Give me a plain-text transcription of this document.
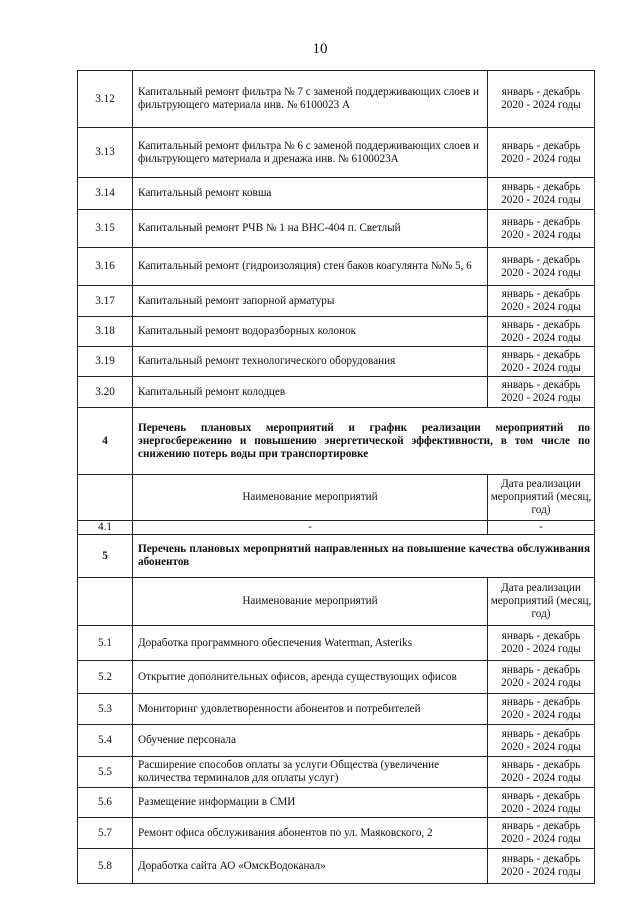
10
3.12	Капитальный ремонт фильтра № 7 с заменой поддерживающих слоев и фильтрующего материала инв. № 6100023 А	январь - декабрь
2020 - 2024 годы

3.13	Капитальный ремонт фильтра № 6 с заменой поддерживающих слоев и фильтрующего материала и дренажа инв. № 6100023А	январь - декабрь
2020 - 2024 годы

3.14	Капитальный ремонт ковша	январь - декабрь
2020 - 2024 годы

3.15	Капитальный ремонт РЧВ № 1 на ВНС-404 п. Светлый	январь - декабрь
2020 - 2024 годы

3.16	Капитальный ремонт (гидроизоляция) стен баков коагулянта №№ 5, 6	январь - декабрь
2020 - 2024 годы

3.17	Капитальный ремонт запорной арматуры	январь - декабрь
2020 - 2024 годы

3.18	Капитальный ремонт водоразборных колонок	январь - декабрь
2020 - 2024 годы

3.19	Капитальный ремонт технологического оборудования	январь - декабрь
2020 - 2024 годы

3.20	Капитальный ремонт колодцев	январь - декабрь
2020 - 2024 годы

4	Перечень плановых мероприятий и график реализации мероприятий по энергосбережению и повышению энергетической эффективности, в том числе по снижению потерь воды при транспортировке	
	Наименование мероприятий	Дата реализации мероприятий (месяц, год)
4.1	-	-
5	Перечень плановых мероприятий направленных на повышение качества обслуживания абонентов	
	Наименование мероприятий	Дата реализации мероприятий (месяц, год)
5.1	Доработка программного обеспечения Waterman, Asteriks	январь - декабрь
2020 - 2024 годы

5.2	Открытие дополнительных офисов, аренда существующих офисов	январь - декабрь
2020 - 2024 годы

5.3	Мониторинг удовлетворенности абонентов и потребителей	январь - декабрь
2020 - 2024 годы

5.4	Обучение персонала	январь - декабрь
2020 - 2024 годы

5.5	Расширение способов оплаты за услуги Общества (увеличение количества терминалов для оплаты услуг)	январь - декабрь
2020 - 2024 годы

5.6	Размещение информации в СМИ	январь - декабрь
2020 - 2024 годы

5.7	Ремонт офиса обслуживания абонентов по ул. Маяковского, 2	январь - декабрь
2020 - 2024 годы

5.8	Доработка сайта АО «ОмскВодоканал»	январь - декабрь
2020 - 2024 годы
